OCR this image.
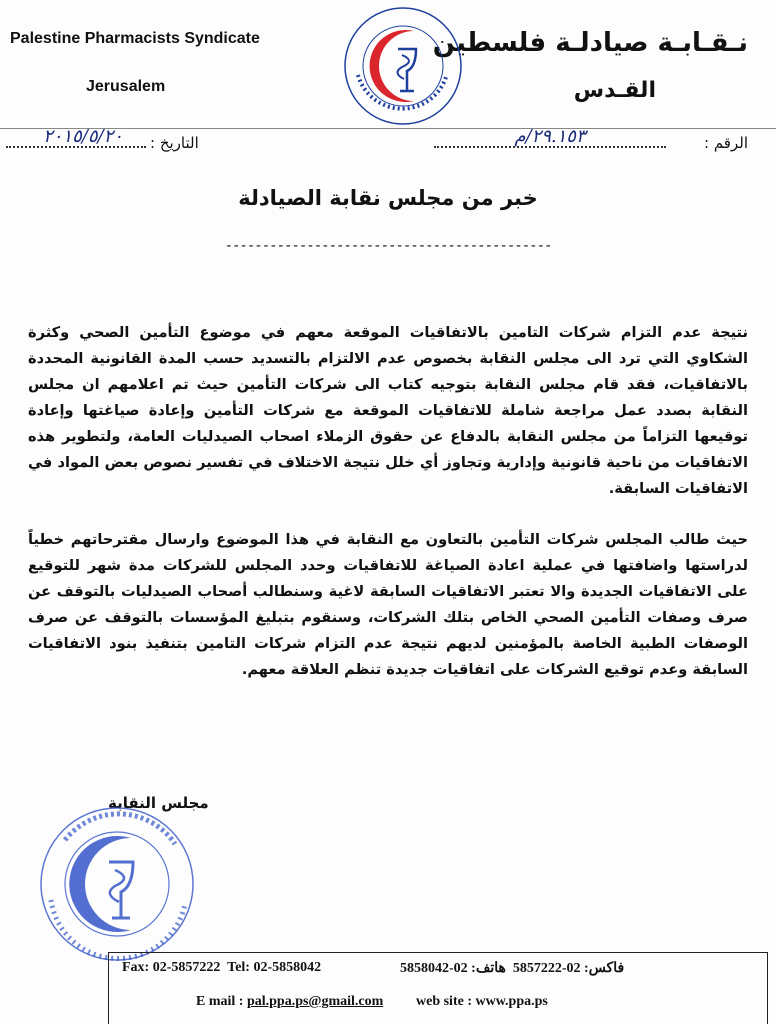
Palestine Pharmacists Syndicate
Jerusalem
نـقـابـة صيادلـة فلسطين
القـدس
الرقم :
٢٩.١٥٣/م
التاريخ :
٢٠١٥/٥/٢٠
خبر من مجلس نقابة الصيادلة
--------------------------------------------
نتيجة عدم التزام شركات التامين بالاتفاقيات الموقعة معهم في موضوع التأمين الصحي وكثرة الشكاوي التي ترد الى مجلس النقابة بخصوص عدم الالتزام بالتسديد حسب المدة القانونية المحددة بالاتفاقيات، فقد قام مجلس النقابة بتوجيه كتاب الى شركات التأمين حيث تم اعلامهم ان مجلس النقابة بصدد عمل مراجعة شاملة للاتفاقيات الموقعة مع شركات التأمين وإعادة صياغتها وإعادة توقيعها التزاماً من مجلس النقابة بالدفاع عن حقوق الزملاء اصحاب الصيدليات العامة، ولتطوير هذه الاتفاقيات من ناحية قانونية وإدارية وتجاوز أي خلل نتيجة الاختلاف في تفسير نصوص بعض المواد في الاتفاقيات السابقة.
حيث طالب المجلس شركات التأمين بالتعاون مع النقابة في هذا الموضوع وارسال مقترحاتهم خطياً لدراستها واضافتها في عملية اعادة الصياغة للاتفاقيات وحدد المجلس للشركات مدة شهر للتوقيع على الاتفاقيات الجديدة والا تعتبر الاتفاقيات السابقة لاغية وسنطالب أصحاب الصيدليات بالتوقف عن صرف وصفات التأمين الصحي الخاص بتلك الشركات، وسنقوم بتبليغ المؤسسات بالتوقف عن صرف الوصفات الطبية الخاصة بالمؤمنين لديهم نتيجة عدم التزام شركات التامين بتنفيذ بنود الاتفاقيات السابقة وعدم توقيع الشركات على اتفاقيات جديدة تنظم العلاقة معهم.
مجلس النقابة
Fax: 02-5857222 Tel: 02-5858042	فاكس: 02-5857222  هاتف: 02-5858042
E mail : pal.ppa.ps@gmail.com web site : www.ppa.ps
